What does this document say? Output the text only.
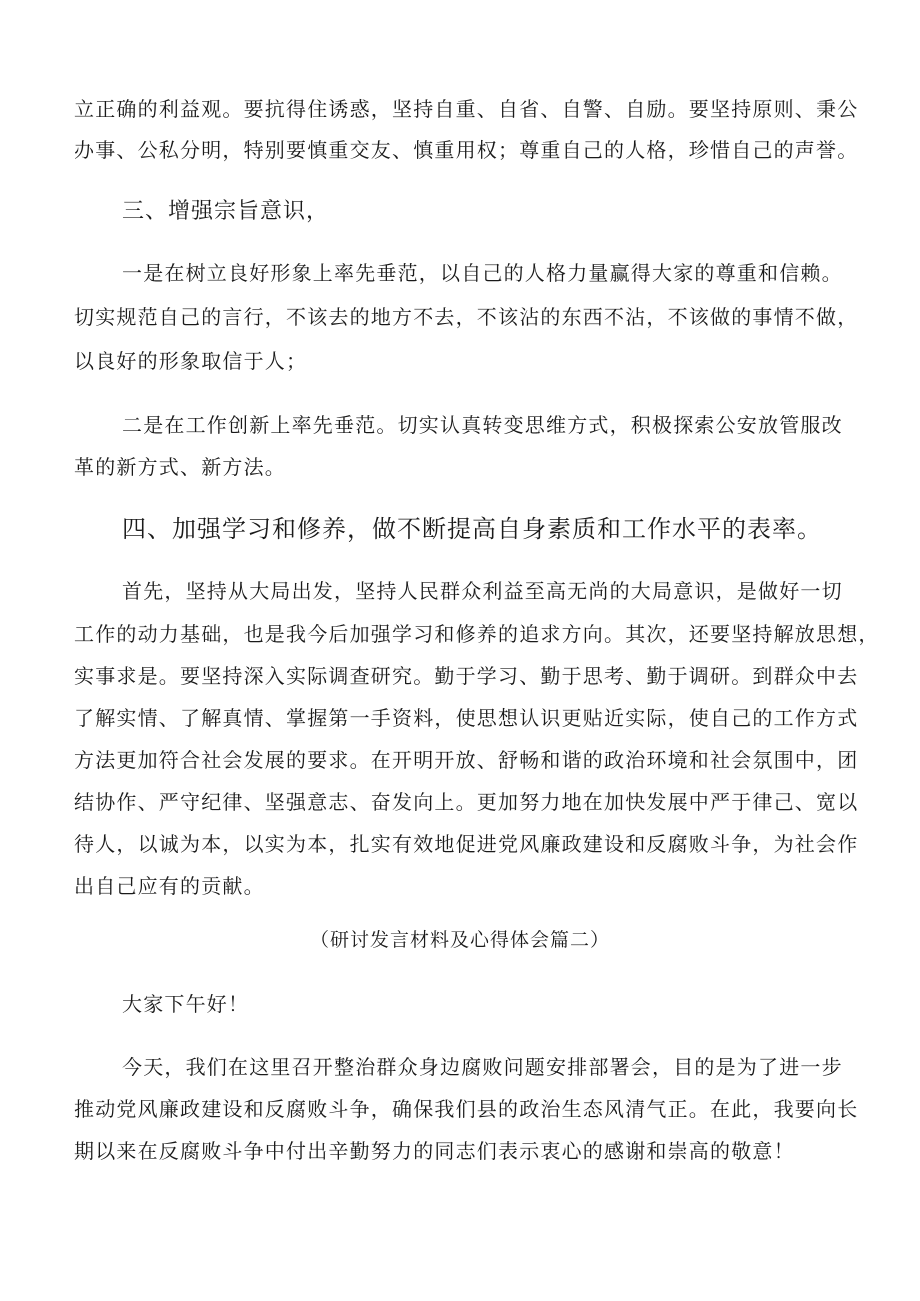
立正确的利益观。要抗得住诱惑，坚持自重、自省、自警、自励。要坚持原则、秉公
办事、公私分明，特别要慎重交友、慎重用权；尊重自己的人格，珍惜自己的声誉。
三、增强宗旨意识，
一是在树立良好形象上率先垂范，以自己的人格力量赢得大家的尊重和信赖。
切实规范自己的言行，不该去的地方不去，不该沾的东西不沾，不该做的事情不做，
以良好的形象取信于人；
二是在工作创新上率先垂范。切实认真转变思维方式，积极探索公安放管服改
革的新方式、新方法。
四、加强学习和修养，做不断提高自身素质和工作水平的表率。
首先，坚持从大局出发，坚持人民群众利益至高无尚的大局意识，是做好一切
工作的动力基础，也是我今后加强学习和修养的追求方向。其次，还要坚持解放思想，
实事求是。要坚持深入实际调查研究。勤于学习、勤于思考、勤于调研。到群众中去
了解实情、了解真情、掌握第一手资料，使思想认识更贴近实际，使自己的工作方式
方法更加符合社会发展的要求。在开明开放、舒畅和谐的政治环境和社会氛围中，团
结协作、严守纪律、坚强意志、奋发向上。更加努力地在加快发展中严于律己、宽以
待人，以诚为本，以实为本，扎实有效地促进党风廉政建设和反腐败斗争，为社会作
出自己应有的贡献。
（研讨发言材料及心得体会篇二）
大家下午好！
今天，我们在这里召开整治群众身边腐败问题安排部署会，目的是为了进一步
推动党风廉政建设和反腐败斗争，确保我们县的政治生态风清气正。在此，我要向长
期以来在反腐败斗争中付出辛勤努力的同志们表示衷心的感谢和崇高的敬意！
